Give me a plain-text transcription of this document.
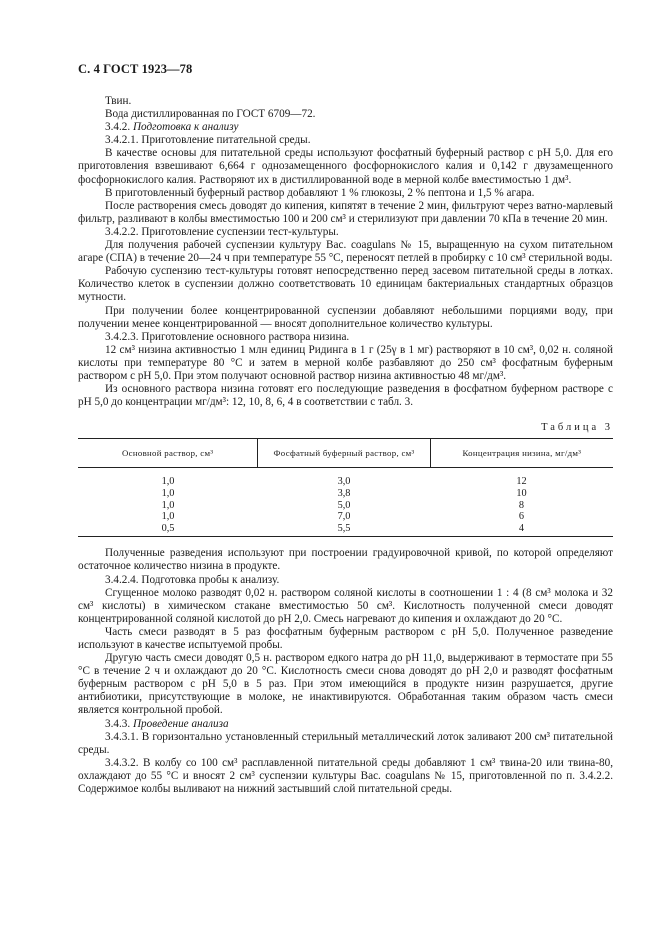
С. 4 ГОСТ 1923—78
Твин.
Вода дистиллированная по ГОСТ 6709—72.
3.4.2. Подготовка к анализу
3.4.2.1. Приготовление питательной среды.
В качестве основы для питательной среды используют фосфатный буферный раствор с pH 5,0. Для его приготовления взвешивают 6,664 г однозамещенного фосфорнокислого калия и 0,142 г двузамещенного фосфорнокислого калия. Растворяют их в дистиллированной воде в мерной колбе вместимостью 1 дм³.
В приготовленный буферный раствор добавляют 1 % глюкозы, 2 % пептона и 1,5 % агара.
После растворения смесь доводят до кипения, кипятят в течение 2 мин, фильтруют через ватно-марлевый фильтр, разливают в колбы вместимостью 100 и 200 см³ и стерилизуют при давлении 70 кПа в течение 20 мин.
3.4.2.2. Приготовление суспензии тест-культуры.
Для получения рабочей суспензии культуру Bac. coagulans № 15, выращенную на сухом питательном агаре (СПА) в течение 20—24 ч при температуре 55 °С, переносят петлей в пробирку с 10 см³ стерильной воды.
Рабочую суспензию тест-культуры готовят непосредственно перед засевом питательной среды в лотках. Количество клеток в суспензии должно соответствовать 10 единицам бактериальных стандартных образцов мутности.
При получении более концентрированной суспензии добавляют небольшими порциями воду, при получении менее концентрированной — вносят дополнительное количество культуры.
3.4.2.3. Приготовление основного раствора низина.
12 см³ низина активностью 1 млн единиц Ридинга в 1 г (25γ в 1 мг) растворяют в 10 см³, 0,02 н. соляной кислоты при температуре 80 °С и затем в мерной колбе разбавляют до 250 см³ фосфатным буферным раствором с pH 5,0. При этом получают основной раствор низина активностью 48 мг/дм³.
Из основного раствора низина готовят его последующие разведения в фосфатном буферном растворе с pH 5,0 до концентрации мг/дм³: 12, 10, 8, 6, 4 в соответствии с табл. 3.
Таблица 3
Основной раствор, см³	Фосфатный буферный раствор, см³	Концентрация низина, мг/дм³
1,0
1,0
1,0
1,0
0,5
3,0
3,8
5,0
7,0
5,5
12
10
8
6
4
Полученные разведения используют при построении градуировочной кривой, по которой определяют остаточное количество низина в продукте.
3.4.2.4. Подготовка пробы к анализу.
Сгущенное молоко разводят 0,02 н. раствором соляной кислоты в соотношении 1 : 4 (8 см³ молока и 32 см³ кислоты) в химическом стакане вместимостью 50 см³. Кислотность полученной смеси доводят концентрированной соляной кислотой до pH 2,0. Смесь нагревают до кипения и охлаждают до 20 °С.
Часть смеси разводят в 5 раз фосфатным буферным раствором с pH 5,0. Полученное разведение используют в качестве испытуемой пробы.
Другую часть смеси доводят 0,5 н. раствором едкого натра до pH 11,0, выдерживают в термостате при 55 °С в течение 2 ч и охлаждают до 20 °С. Кислотность смеси снова доводят до pH 2,0 и разводят фосфатным буферным раствором с pH 5,0 в 5 раз. При этом имеющийся в продукте низин разрушается, другие антибиотики, присутствующие в молоке, не инактивируются. Обработанная таким образом часть смеси является контрольной пробой.
3.4.3. Проведение анализа
3.4.3.1. В горизонтально установленный стерильный металлический лоток заливают 200 см³ питательной среды.
3.4.3.2. В колбу со 100 см³ расплавленной питательной среды добавляют 1 см³ твина-20 или твина-80, охлаждают до 55 °С и вносят 2 см³ суспензии культуры Bac. coagulans № 15, приготовленной по п. 3.4.2.2. Содержимое колбы выливают на нижний застывший слой питательной среды.
